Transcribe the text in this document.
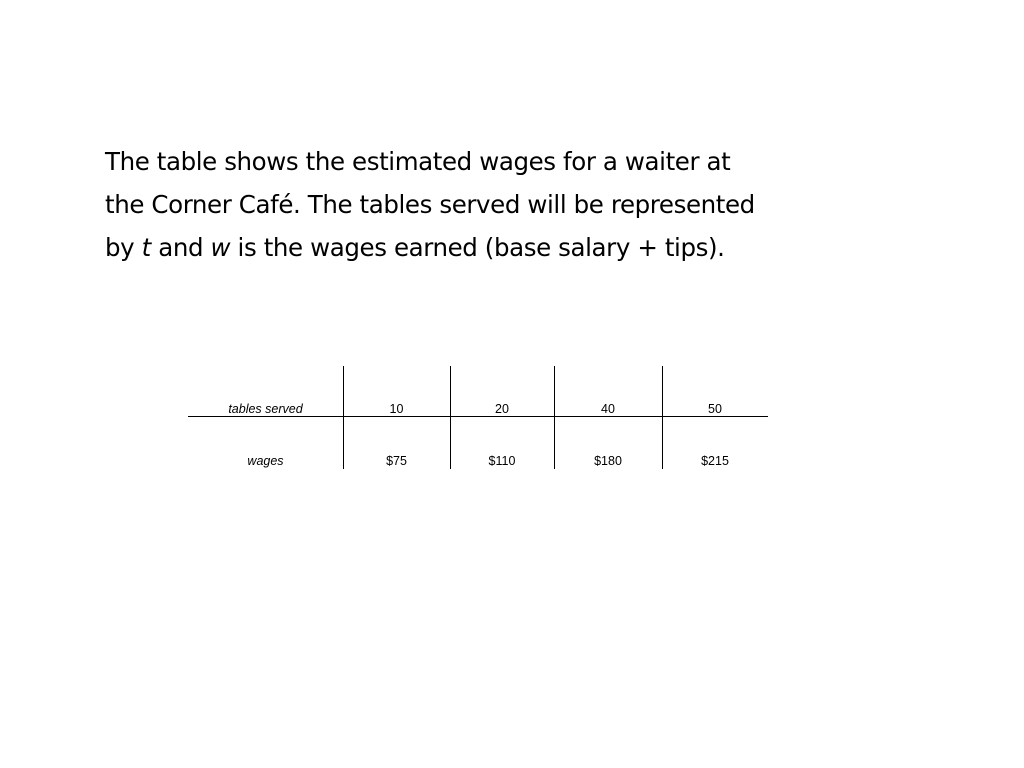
The table shows the estimated wages for a waiter at
the Corner Café. The tables served will be represented
by t and w is the wages earned (base salary + tips).
tables served	10	20	40	50
wages	$75	$110	$180	$215
